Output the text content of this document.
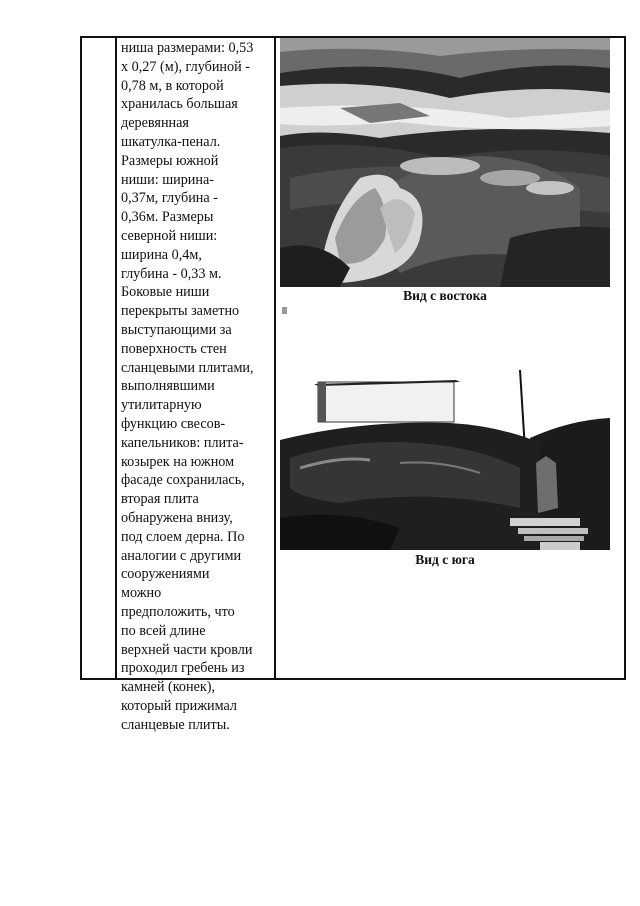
ниша размерами: 0,53
х 0,27 (м), глубиной -
0,78 м, в которой
хранилась большая
деревянная
шкатулка-пенал.
Размеры южной
ниши: ширина-
0,37м, глубина -
0,36м. Размеры
северной ниши:
ширина 0,4м,
глубина - 0,33 м.
Боковые ниши
перекрыты заметно
выступающими за
поверхность стен
сланцевыми плитами,
выполнявшими
утилитарную
функцию свесов-
капельников: плита-
козырек на южном
фасаде сохранилась,
вторая плита
обнаружена внизу,
под слоем дерна. По
аналогии с другими
сооружениями
можно
предположить, что
по всей длине
верхней части кровли
проходил гребень из
камней (конек),
который прижимал
сланцевые плиты.
Вид с востока
Вид с юга
